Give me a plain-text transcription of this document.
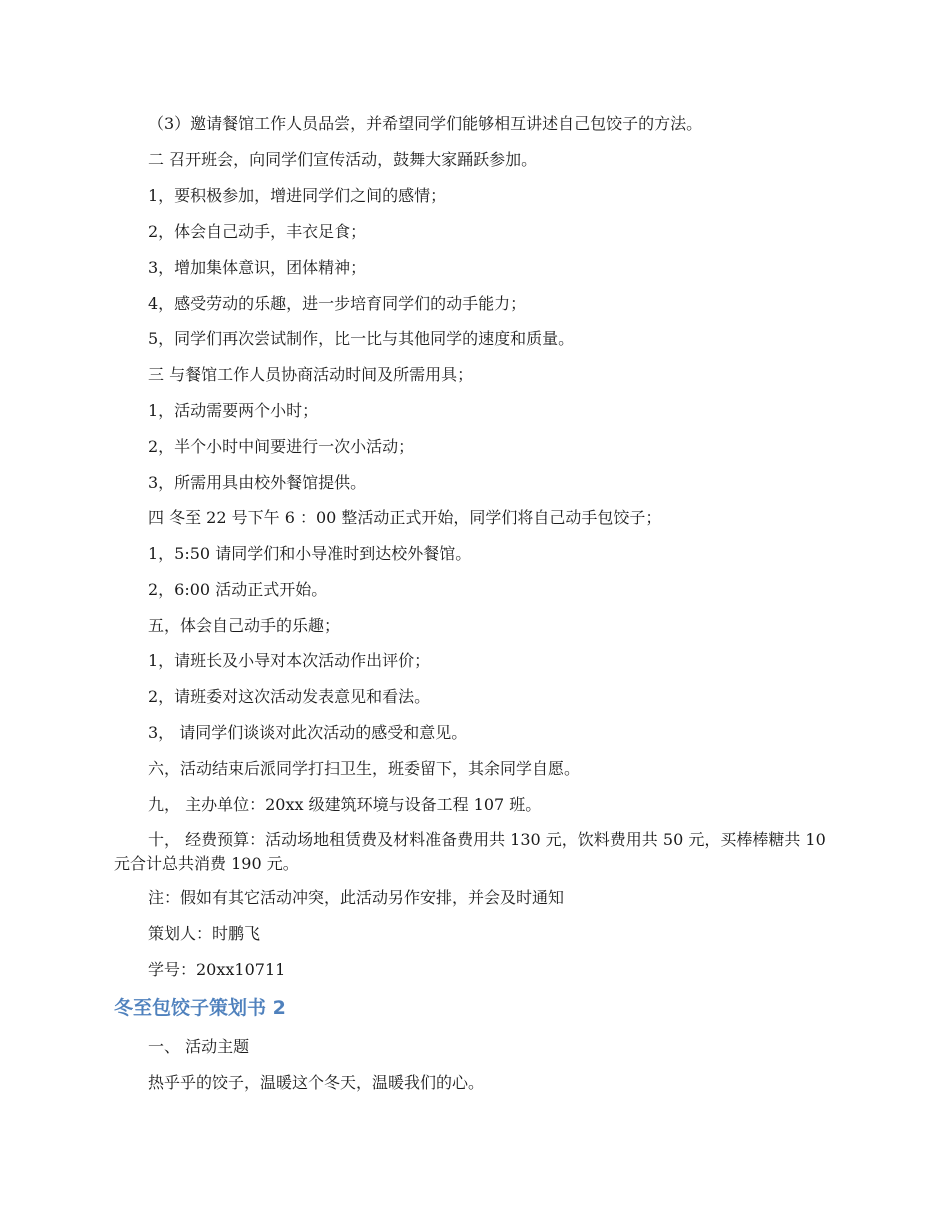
（3）邀请餐馆工作人员品尝，并希望同学们能够相互讲述自己包饺子的方法。
二 召开班会，向同学们宣传活动，鼓舞大家踊跃参加。
1，要积极参加，增进同学们之间的感情；
2，体会自己动手，丰衣足食；
3，增加集体意识，团体精神；
4，感受劳动的乐趣，进一步培育同学们的动手能力；
5，同学们再次尝试制作，比一比与其他同学的速度和质量。
三 与餐馆工作人员协商活动时间及所需用具；
1，活动需要两个小时；
2，半个小时中间要进行一次小活动；
3，所需用具由校外餐馆提供。
四 冬至 22 号下午 6 ：00 整活动正式开始，同学们将自己动手包饺子；
1，5:50 请同学们和小导准时到达校外餐馆。
2，6:00 活动正式开始。
五，体会自己动手的乐趣；
1，请班长及小导对本次活动作出评价；
2，请班委对这次活动发表意见和看法。
3， 请同学们谈谈对此次活动的感受和意见。
六，活动结束后派同学打扫卫生，班委留下，其余同学自愿。
九， 主办单位：20xx 级建筑环境与设备工程 107 班。
十， 经费预算：活动场地租赁费及材料准备费用共 130 元，饮料费用共 50 元，买棒棒糖共 10 元合计总共消费 190 元。
注：假如有其它活动冲突，此活动另作安排，并会及时通知
策划人：时鹏飞
学号：20xx10711
冬至包饺子策划书 2
一、 活动主题
热乎乎的饺子，温暖这个冬天，温暖我们的心。
